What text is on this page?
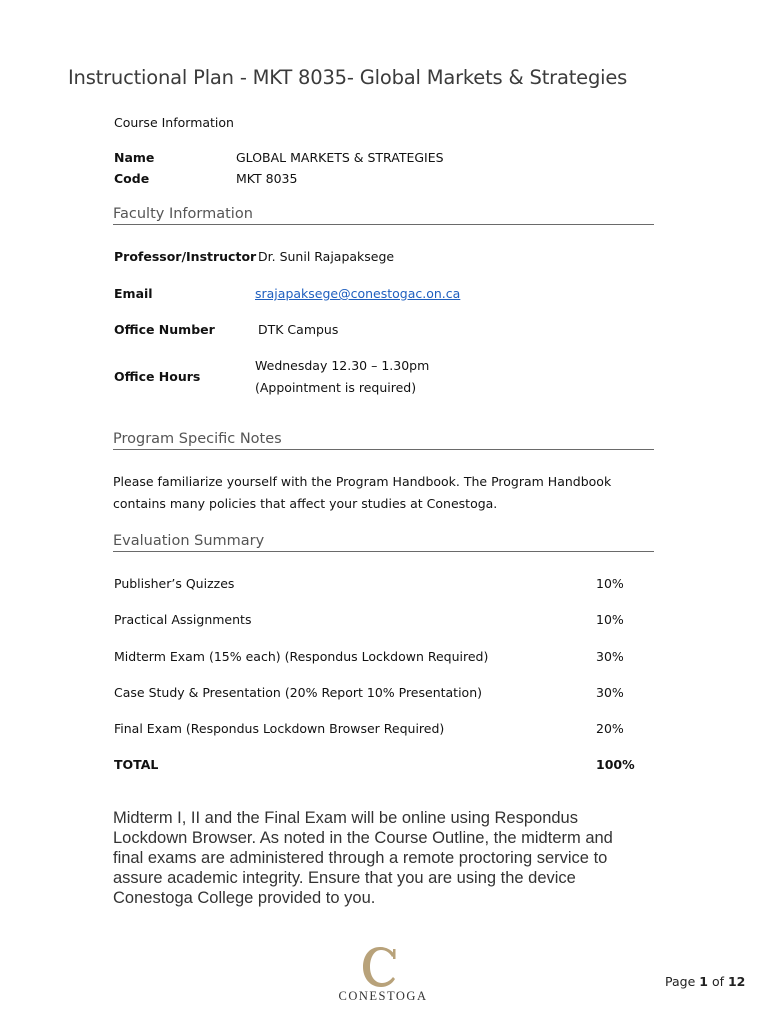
Instructional Plan - MKT 8035- Global Markets & Strategies
Course Information
Name	GLOBAL MARKETS & STRATEGIES
Code	MKT 8035
Faculty Information
Professor/Instructor Dr. Sunil Rajapaksege
Email	srajapaksege@conestogac.on.ca
Office Number	DTK Campus
Office Hours
Wednesday 12.30 – 1.30pm
(Appointment is required)
Program Specific Notes
Please familiarize yourself with the Program Handbook. The Program Handbook
contains many policies that affect your studies at Conestoga.
Evaluation Summary
Publisher’s Quizzes	10%
Practical Assignments	10%
Midterm Exam (15% each) (Respondus Lockdown Required)	30%
Case Study & Presentation (20% Report 10% Presentation)	30%
Final Exam (Respondus Lockdown Browser Required)	20%
TOTAL	100%
Midterm I, II and the Final Exam will be online using Respondus
Lockdown Browser. As noted in the Course Outline, the midterm and
final exams are administered through a remote proctoring service to
assure academic integrity. Ensure that you are using the device
Conestoga College provided to you.
CONESTOGA
Page 1 of 12
